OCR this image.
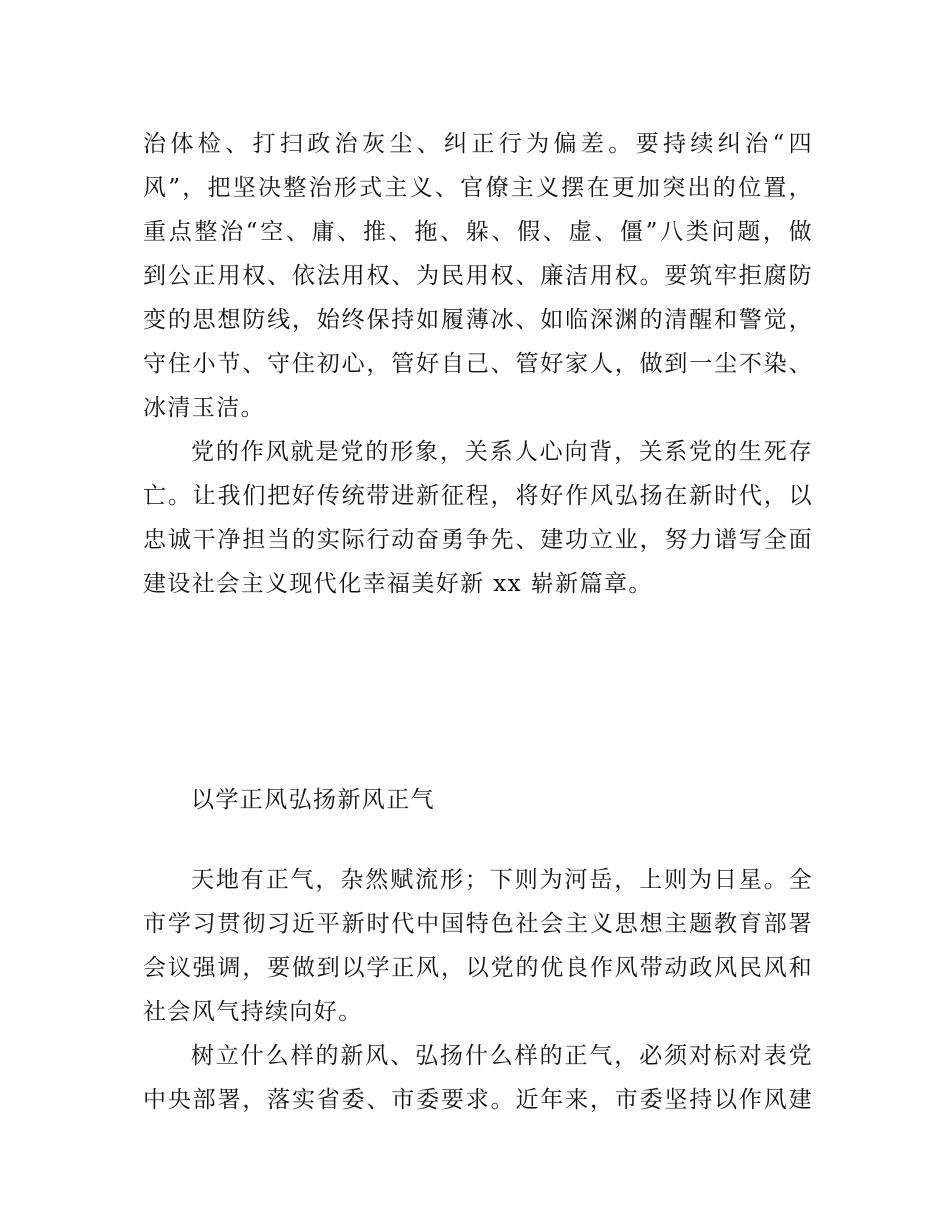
治体检、打扫政治灰尘、纠正行为偏差。要持续纠治“四
风”，把坚决整治形式主义、官僚主义摆在更加突出的位置，
重点整治“空、庸、推、拖、躲、假、虚、僵”八类问题，做
到公正用权、依法用权、为民用权、廉洁用权。要筑牢拒腐防
变的思想防线，始终保持如履薄冰、如临深渊的清醒和警觉，
守住小节、守住初心，管好自己、管好家人，做到一尘不染、
冰清玉洁。
党的作风就是党的形象，关系人心向背，关系党的生死存
亡。让我们把好传统带进新征程，将好作风弘扬在新时代，以
忠诚干净担当的实际行动奋勇争先、建功立业，努力谱写全面
建设社会主义现代化幸福美好新 xx 崭新篇章。
以学正风弘扬新风正气
天地有正气，杂然赋流形；下则为河岳，上则为日星。全
市学习贯彻习近平新时代中国特色社会主义思想主题教育部署
会议强调，要做到以学正风，以党的优良作风带动政风民风和
社会风气持续向好。
树立什么样的新风、弘扬什么样的正气，必须对标对表党
中央部署，落实省委、市委要求。近年来，市委坚持以作风建
